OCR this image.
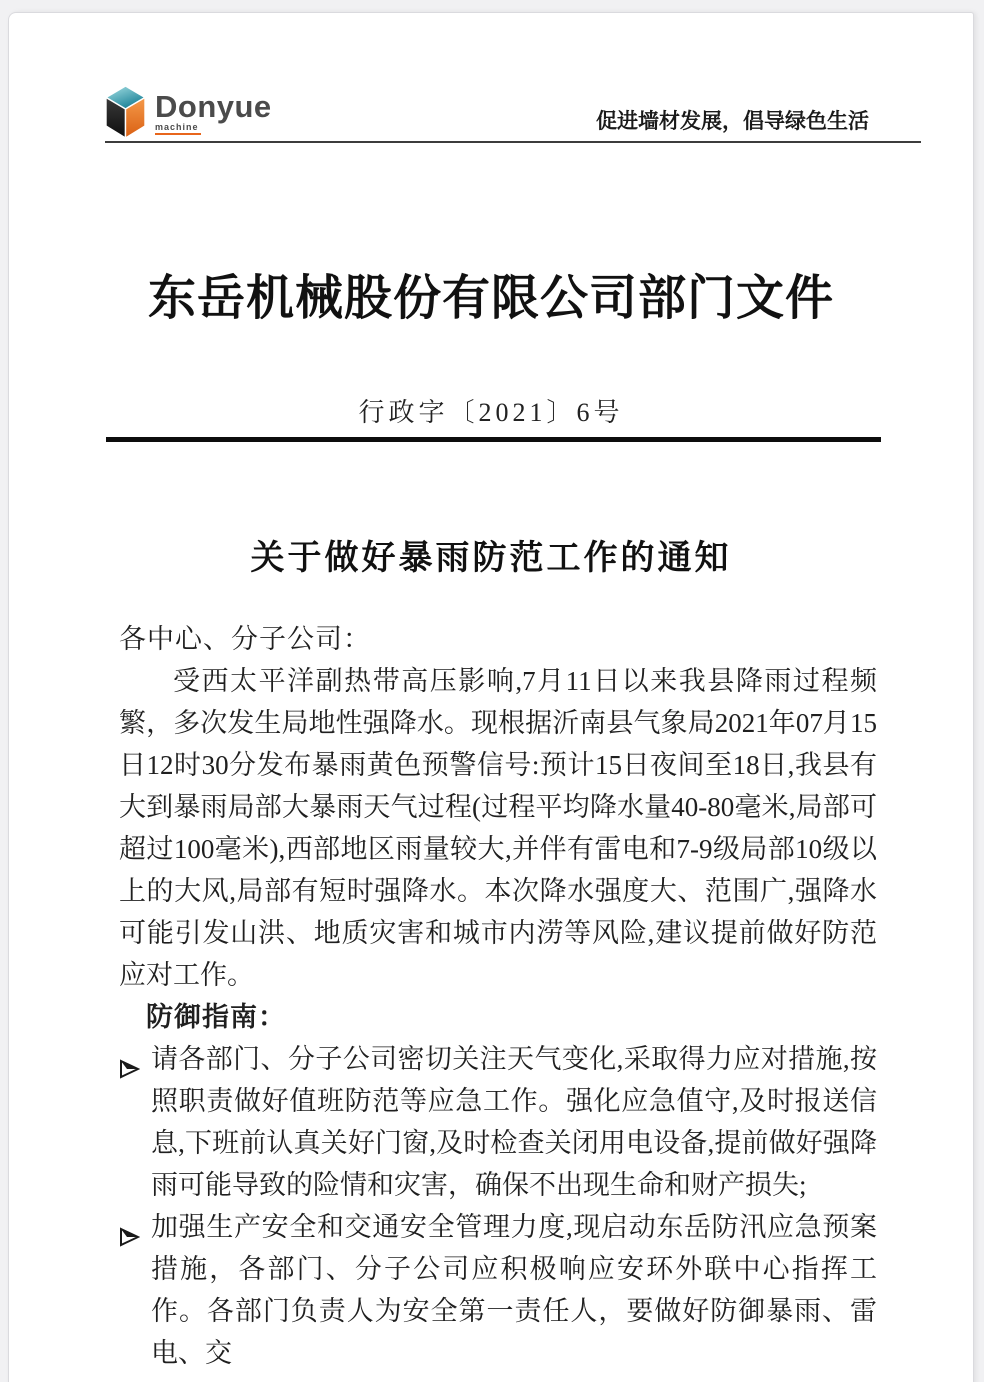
Donyue
machine	促进墙材发展，倡导绿色生活
东岳机械股份有限公司部门文件
行政字〔2021〕6号
关于做好暴雨防范工作的通知
各中心、分子公司：
受西太平洋副热带高压影响,7月11日以来我县降雨过程频繁，多次发生局地性强降水。现根据沂南县气象局2021年07月15日12时30分发布暴雨黄色预警信号:预计15日夜间至18日,我县有大到暴雨局部大暴雨天气过程(过程平均降水量40-80毫米,局部可超过100毫米),西部地区雨量较大,并伴有雷电和7-9级局部10级以上的大风,局部有短时强降水。本次降水强度大、范围广,强降水可能引发山洪、地质灾害和城市内涝等风险,建议提前做好防范应对工作。
防御指南：
请各部门、分子公司密切关注天气变化,采取得力应对措施,按照职责做好值班防范等应急工作。强化应急值守,及时报送信息,下班前认真关好门窗,及时检查关闭用电设备,提前做好强降雨可能导致的险情和灾害，确保不出现生命和财产损失;
加强生产安全和交通安全管理力度,现启动东岳防汛应急预案措施，各部门、分子公司应积极响应安环外联中心指挥工作。各部门负责人为安全第一责任人，要做好防御暴雨、雷电、交
